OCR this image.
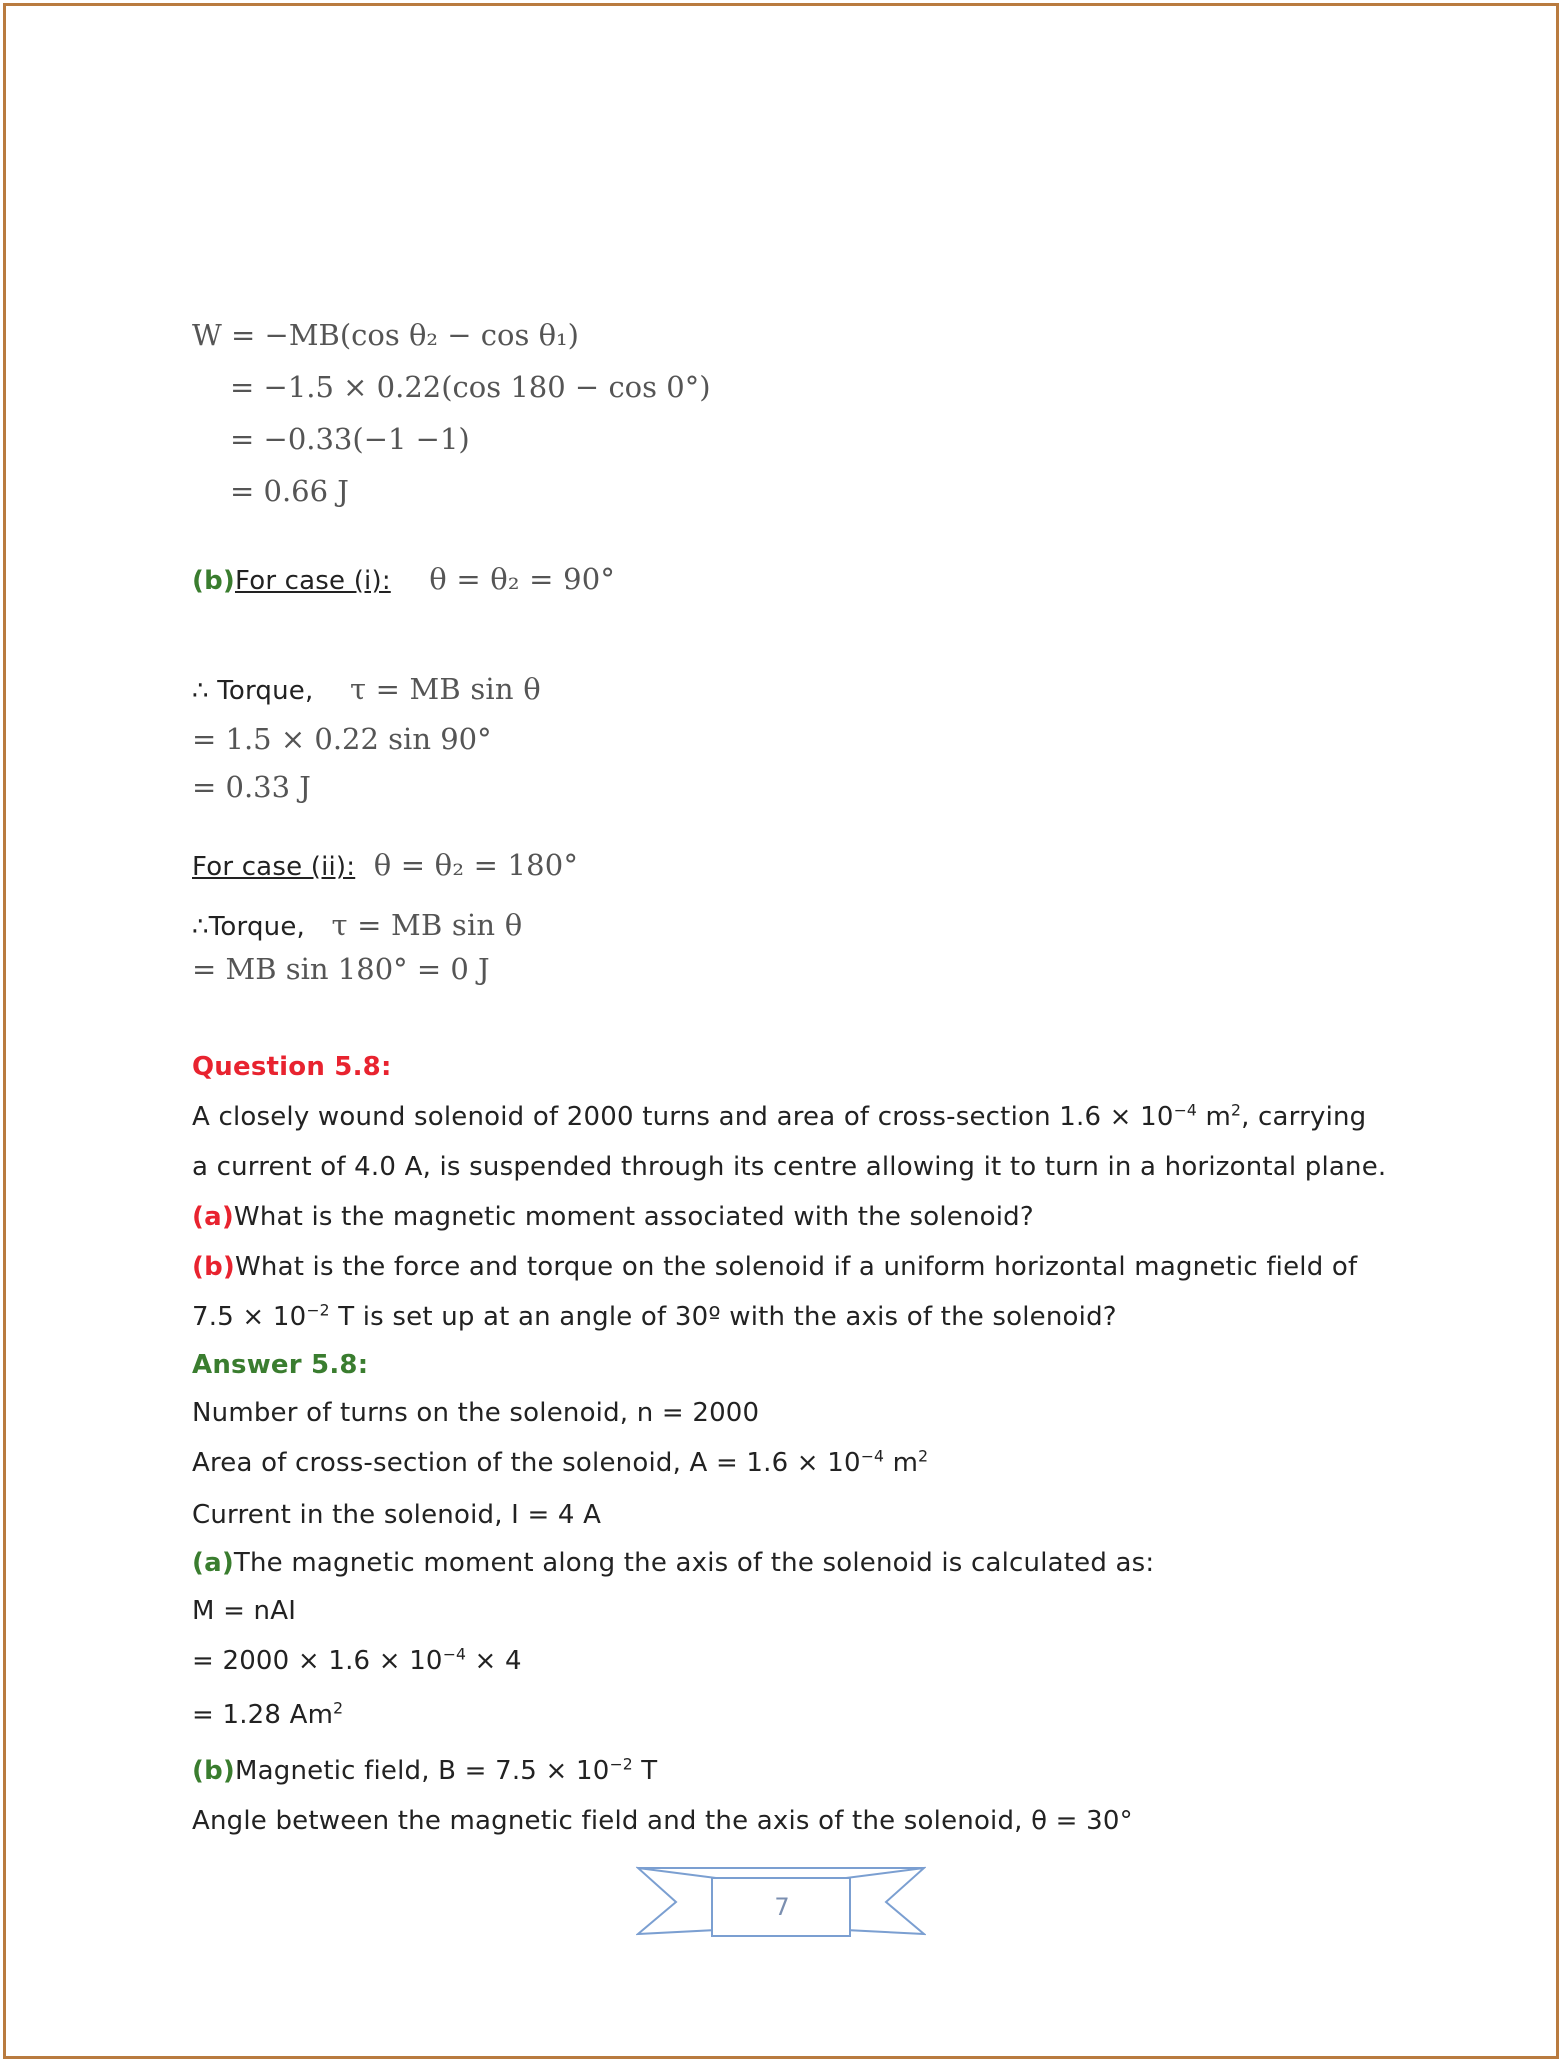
W = −MB(cos θ₂ − cos θ₁)
= −1.5 × 0.22(cos 180 − cos 0°)
= −0.33(−1 −1)
= 0.66 J
(b)For case (i): θ = θ₂ = 90°
∴ Torque, τ = MB sin θ
= 1.5 × 0.22 sin 90°
= 0.33 J
For case (ii): θ = θ₂ = 180°
∴Torque, τ = MB sin θ
= MB sin 180° = 0 J
Question 5.8:
A closely wound solenoid of 2000 turns and area of cross-section $1.6 \times 10^{-4}$ $m^2$, carrying
a current of 4.0 A, is suspended through its centre allowing it to turn in a horizontal plane.
(a)What is the magnetic moment associated with the solenoid?
(b)What is the force and torque on the solenoid if a uniform horizontal magnetic field of
$7.5 \times 10^{-2}$ T is set up at an angle of 30º with the axis of the solenoid?
Answer 5.8:
Number of turns on the solenoid, n = 2000
Area of cross-section of the solenoid, $A = 1.6 \times 10^{-4}$ $m^2$
Current in the solenoid, I = 4 A
(a)The magnetic moment along the axis of the solenoid is calculated as:
M = nAI
= $2000 \times 1.6 \times 10^{-4} \times 4$
= 1.28 Am$^2$
(b)Magnetic field, $B = 7.5 \times 10^{-2}$ T
Angle between the magnetic field and the axis of the solenoid, θ = 30°
7
